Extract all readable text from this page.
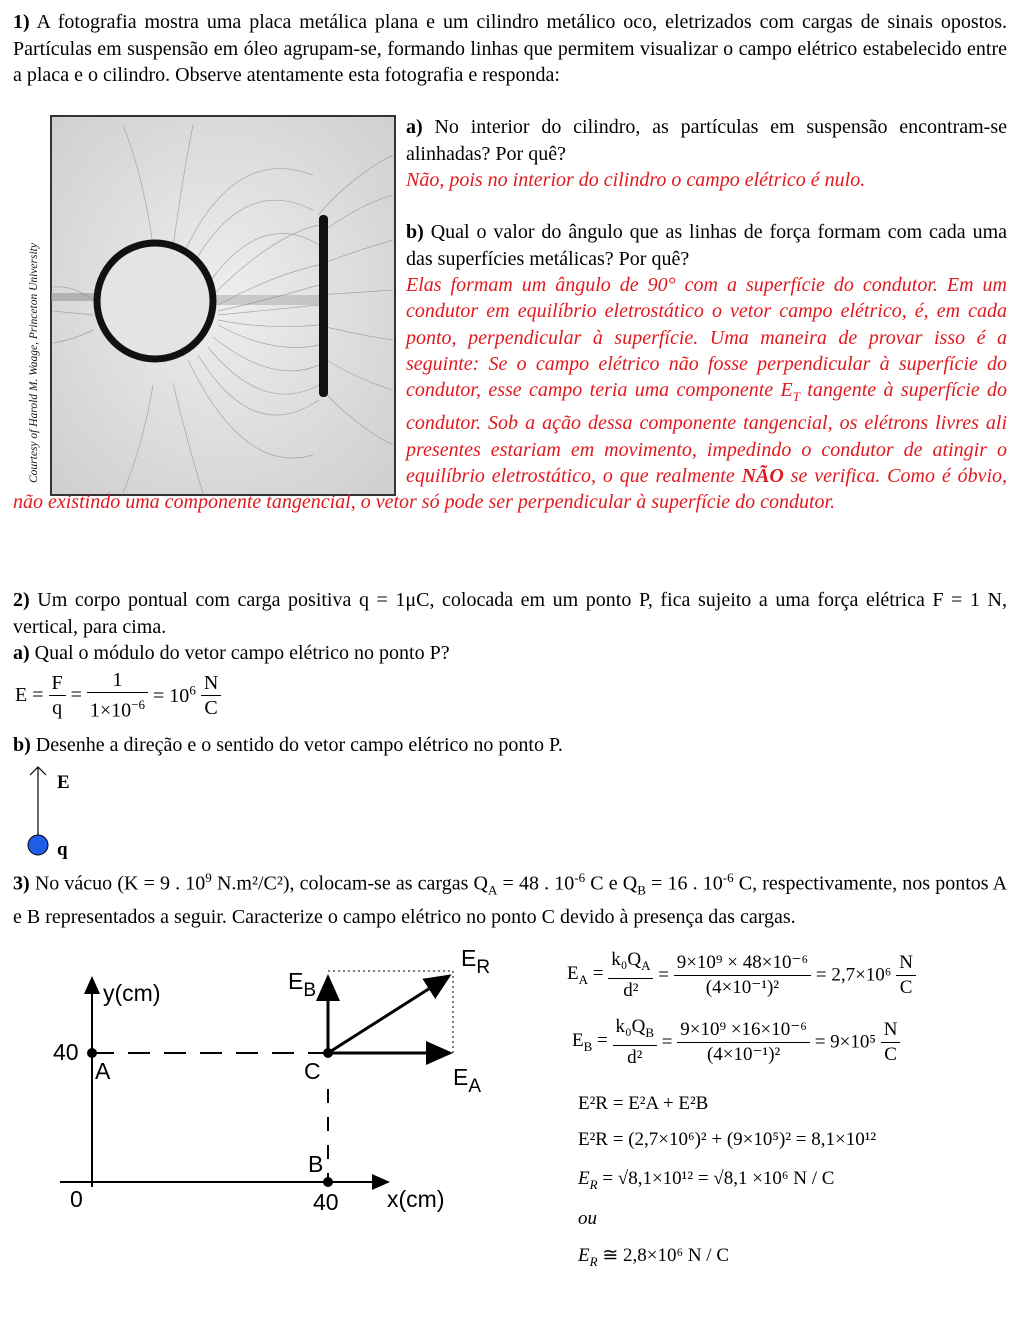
1) A fotografia mostra uma placa metálica plana e um cilindro metálico oco, eletrizados com cargas de sinais opostos. Partículas em suspensão em óleo agrupam-se, formando linhas que permitem visualizar o campo elétrico estabelecido entre a placa e o cilindro. Observe atentamente esta fotografia e responda:
Courtesy of Harold M. Waage, Princeton University
a) No interior do cilindro, as partículas em suspensão encontram-se alinhadas? Por quê?
Não, pois no interior do cilindro o campo elétrico é nulo.
b) Qual o valor do ângulo que as linhas de força formam com cada uma das superfícies metálicas? Por quê?
Elas formam um ângulo de 90° com a superfície do condutor. Em um condutor em equilíbrio eletrostático o vetor campo elétrico, é, em cada ponto, perpendicular à superfície. Uma maneira de provar isso é a seguinte: Se o campo elétrico não fosse perpendicular à superfície do condutor, esse campo teria uma componente $E_T$ tangente à superfície do condutor. Sob a ação dessa componente tangencial, os elétrons livres ali presentes estariam em movimento, impedindo o condutor de atingir o equilíbrio eletrostático, o que realmente NÃO se verifica. Como é óbvio, não existindo uma componente tangencial, o vetor só pode ser perpendicular à superfície do condutor.
2) Um corpo pontual com carga positiva q = 1μC, colocada em um ponto P, fica sujeito a uma força elétrica F = 1 N, vertical, para cima.
a) Qual o módulo do vetor campo elétrico no ponto P?
$E = \frac{F}{q} = \frac{1}{1\times 10^{-6}} = 10^6 \frac{N}{C}$
b) Desenhe a direção e o sentido do vetor campo elétrico no ponto P.
E
q
3) No vácuo (K = 9 . $10^9$ N.m²/C²), colocam-se as cargas $Q_A = 48$ . $10^{-6}$ C e $Q_B = 16$ . $10^{-6}$ C, respectivamente, nos pontos A e B representados a seguir. Caracterize o campo elétrico no ponto C devido à presença das cargas.
y(cm)
x(cm)
40
40
0
A	C
B
$E_B$
$E_R$
$E_A$
$E_A = \frac{k_0Q_A}{\text{d²}} = \frac{\text{9×10⁹ × 48×10⁻⁶}}{\text{(4×10⁻¹)²}} = 2,7\times 10^6 \frac{N}{C}$
$E_B = \frac{k_0Q_B}{\text{d²}} = \frac{\text{9×10⁹ ×16×10⁻⁶}}{\text{(4×10⁻¹)²}} = 9\times 10^5 \frac{N}{C}$
E²R = E²A + E²B
E²R = (2,7×10⁶)² + (9×10⁵)² = 8,1×10¹²
$E_R = √8,1\times 10^{12} = √8,1 \times 10^6$ N / C
ou
$E_R$ ≅ 2,8×10⁶ N / C
